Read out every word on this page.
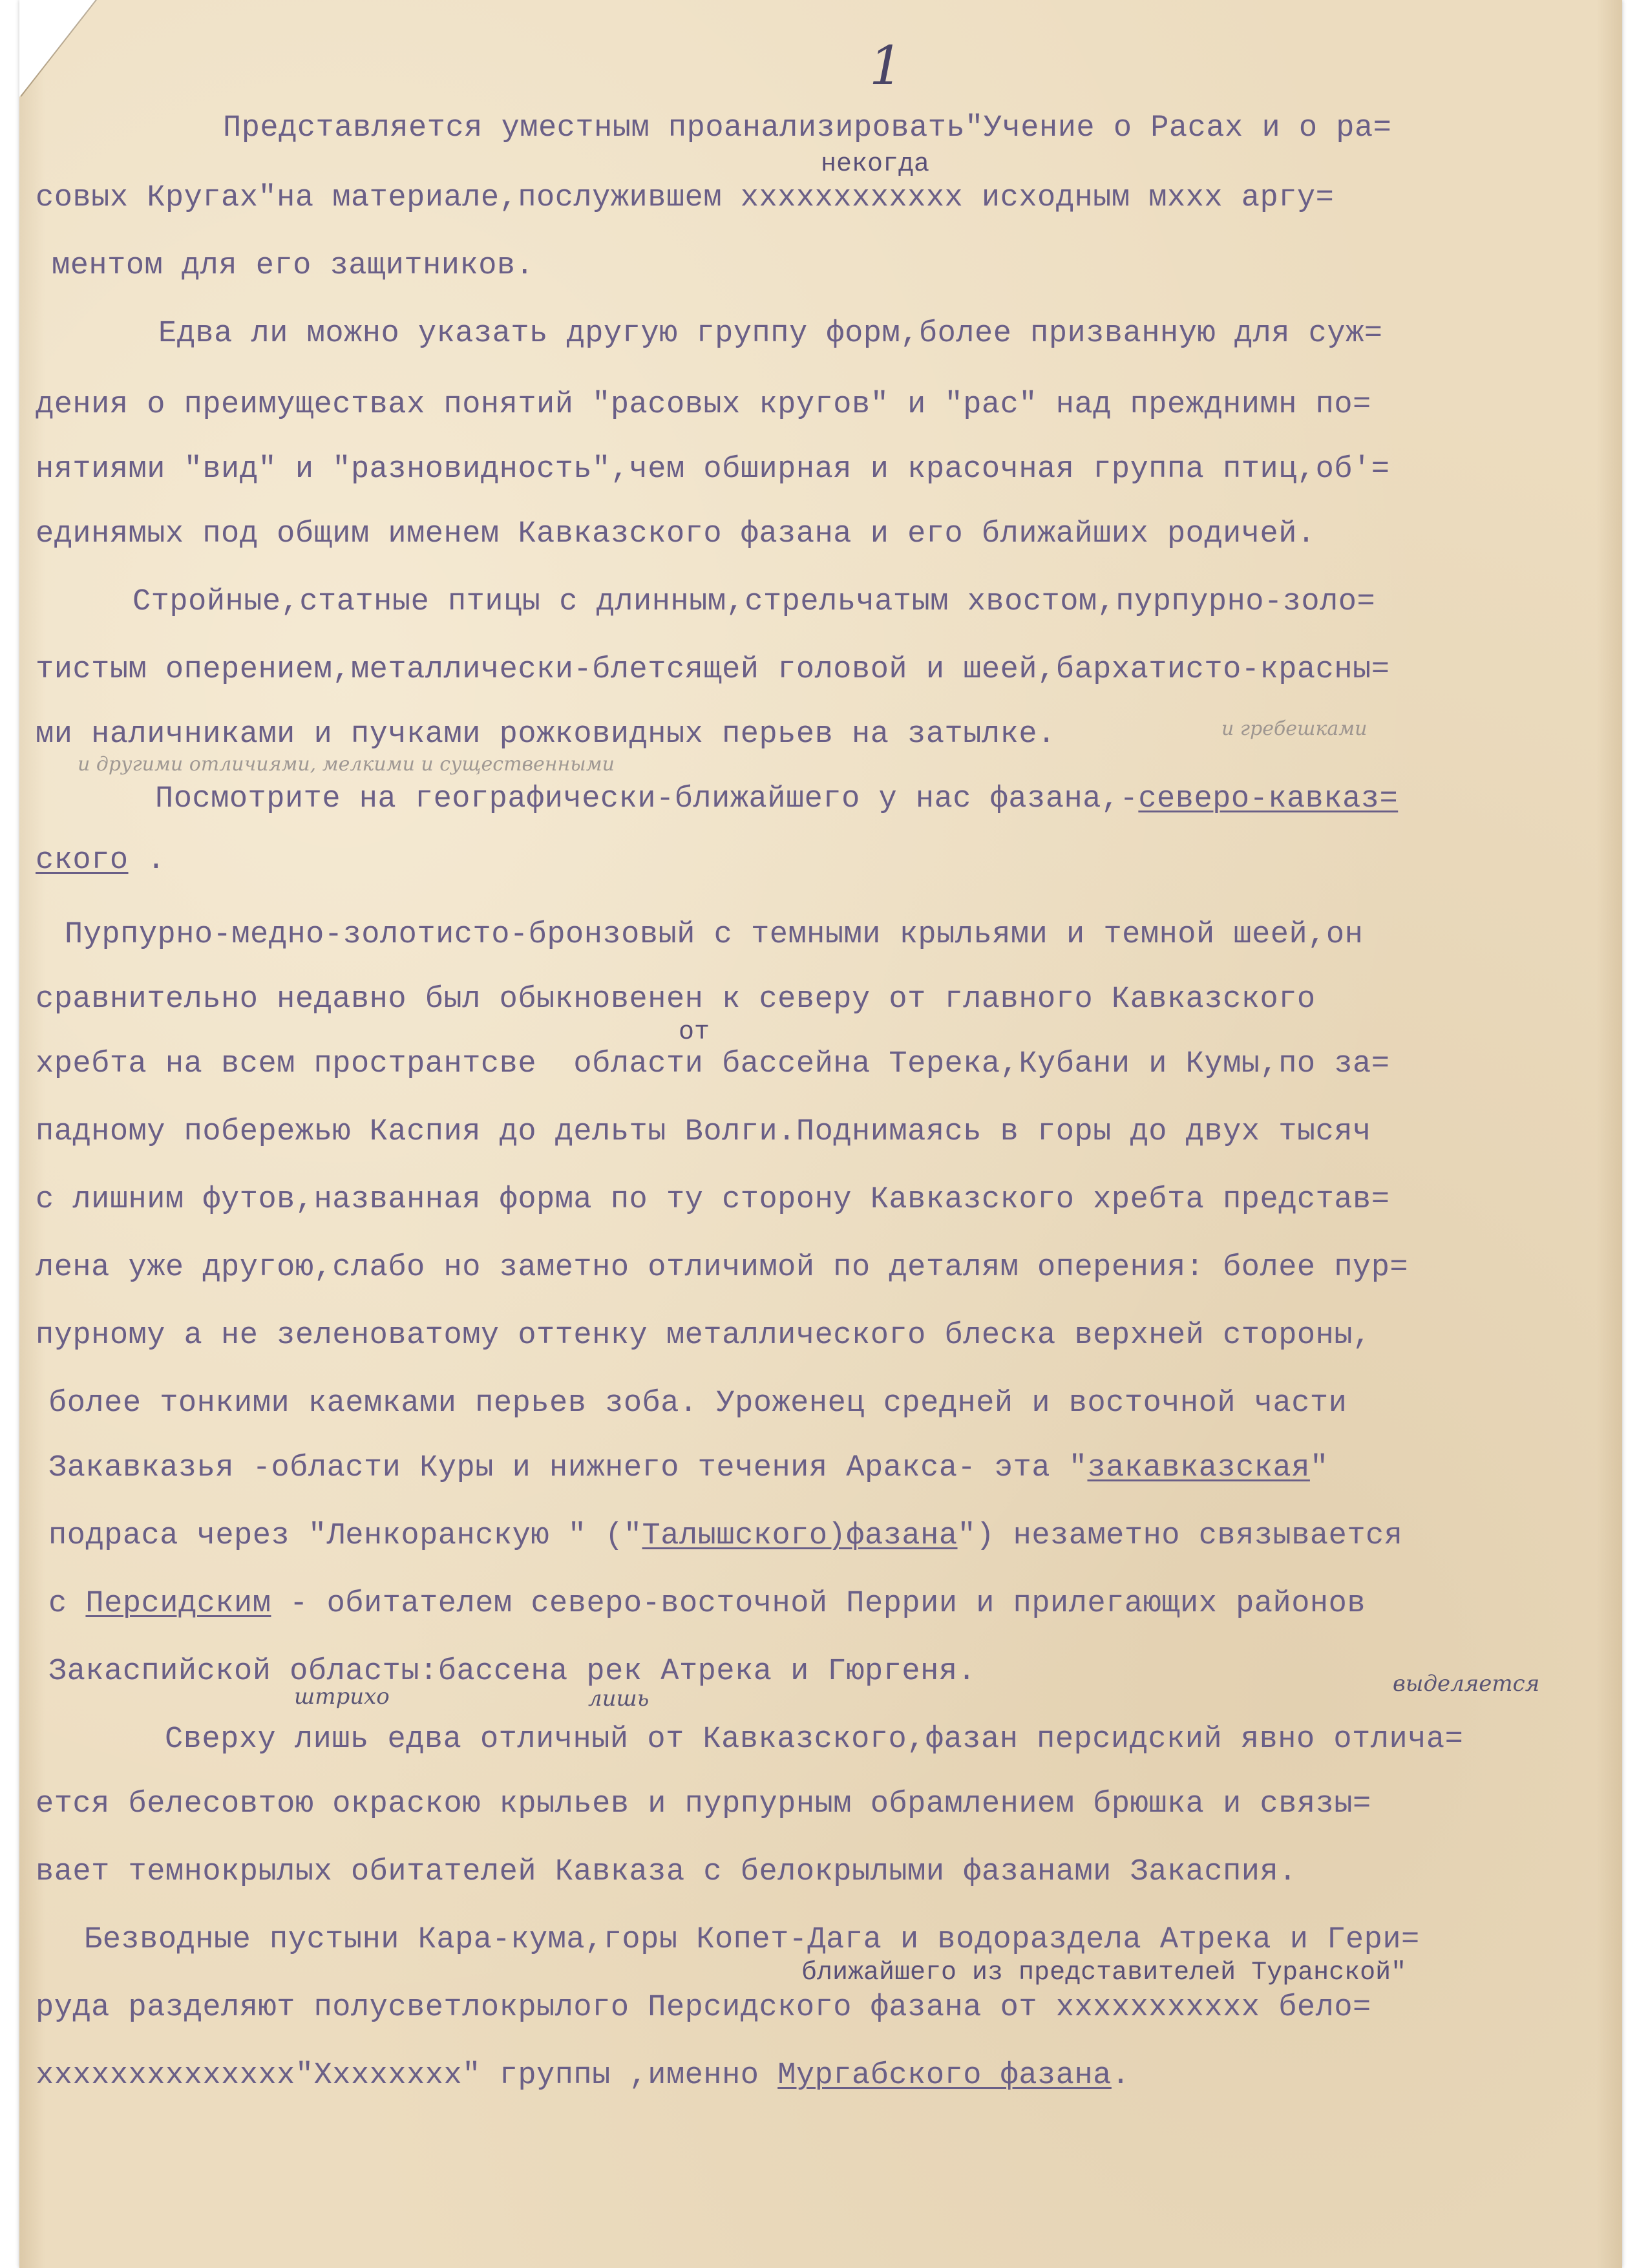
1

Представляется уместным проанализировать"Учение о Расах и о ра=

некогда

совых Кругах"на материале,послужившем хххххххххххх исходным мххх аргу=

ментом для его защитников.

Едва ли можно указать другую группу форм,более призванную для суж=

дения о преимуществах понятий "расовых кругов" и "рас" над прежднимн по=

нятиями "вид" и "разновидность",чем обширная и красочная группа птиц,об'=

единямых под общим именем Кавказского фазана и его ближайших родичей.

Стройные,статные птицы с длинным,стрельчатым хвостом,пурпурно-золо=

тистым оперением,металлически-блетсящей головой и шеей,бархатисто-красны=

ми наличниками и пучками рожковидных перьев на затылке.	и гребешками

и другими отличиями, мелкими и существенными

Посмотрите на географически-ближайшего у нас фазана,-северо-кавказ=

ского .

Пурпурно-медно-золотисто-бронзовый с темными крыльями и темной шеей,он

сравнительно недавно был обыкновенен к северу от главного Кавказского

от

хребта на всем пространтсве  области бассейна Терека,Кубани и Кумы,по за=

падному побережью Каспия до дельты Волги.Поднимаясь в горы до двух тысяч

с лишним футов,названная форма по ту сторону Кавказского хребта представ=

лена уже другою,слабо но заметно отличимой по деталям оперения: более пур=

пурному а не зеленоватому оттенку металлического блеска верхней стороны,

более тонкими каемками перьев зоба. Уроженец средней и восточной части

Закавказья -области Куры и нижнего течения Аракса- эта "закавказская"

подраса через "Ленкоранскую " ("Талышского)фазана") незаметно связывается

с Персидским - обитателем северо-восточной Перрии и прилегающих районов

Закаспийской областы:бассена рек Атрека и Гюргеня.

штрихо	лишь

выделяется

Сверху лишь едва отличный от Кавказского,фазан персидский явно отлича=

ется белесовтою окраскою крыльев и пурпурным обрамлением брюшка и связы=

вает темнокрылых обитателей Кавказа с белокрылыми фазанами Закаспия.

Безводные пустыни Кара-кума,горы Копет-Дага и водораздела Атрека и Гери=

ближайшего из представителей Туранской"

руда разделяют полусветлокрылого Персидского фазана от ххххххххххх бело=

хххххххххххххх"Хххххххх" группы ,именно Мургабского фазана.
